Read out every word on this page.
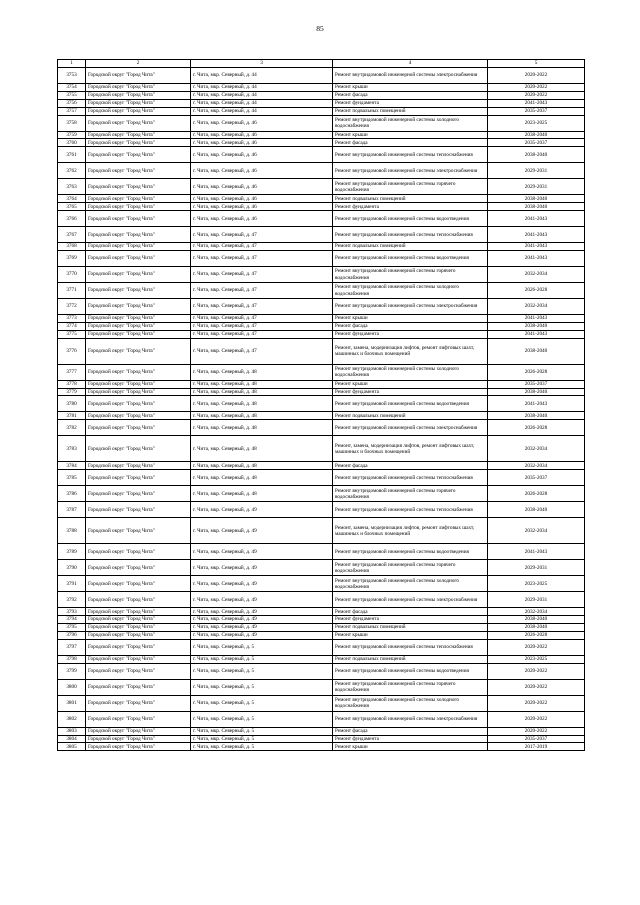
85
1	2	3	4	5
3753	Городской округ "Город Чита"	г. Чита, мкр. Северный, д. 44	Ремонт внутридомовой инженерной системы электроснабжения	2020-2022
3754	Городской округ "Город Чита"	г. Чита, мкр. Северный, д. 44	Ремонт крыши	2020-2022
3755	Городской округ "Город Чита"	г. Чита, мкр. Северный, д. 44	Ремонт фасада	2020-2022
3756	Городской округ "Город Чита"	г. Чита, мкр. Северный, д. 44	Ремонт фундамента	2041-2043
3757	Городской округ "Город Чита"	г. Чита, мкр. Северный, д. 44	Ремонт подвальных помещений	2035-2037
3758	Городской округ "Город Чита"	г. Чита, мкр. Северный, д. 46	Ремонт внутридомовой инженерной системы холодного водоснабжения	2023-2025
3759	Городской округ "Город Чита"	г. Чита, мкр. Северный, д. 46	Ремонт крыши	2038-2040
3760	Городской округ "Город Чита"	г. Чита, мкр. Северный, д. 46	Ремонт фасада	2035-2037
3761	Городской округ "Город Чита"	г. Чита, мкр. Северный, д. 46	Ремонт внутридомовой инженерной системы теплоснабжения	2038-2040
3762	Городской округ "Город Чита"	г. Чита, мкр. Северный, д. 46	Ремонт внутридомовой инженерной системы электроснабжения	2029-2031
3763	Городской округ "Город Чита"	г. Чита, мкр. Северный, д. 46	Ремонт внутридомовой инженерной системы горячего водоснабжения	2029-2031
3764	Городской округ "Город Чита"	г. Чита, мкр. Северный, д. 46	Ремонт подвальных помещений	2038-2040
3765	Городской округ "Город Чита"	г. Чита, мкр. Северный, д. 46	Ремонт фундамента	2038-2040
3766	Городской округ "Город Чита"	г. Чита, мкр. Северный, д. 46	Ремонт внутридомовой инженерной системы водоотведения	2041-2043
3767	Городской округ "Город Чита"	г. Чита, мкр. Северный, д. 47	Ремонт внутридомовой инженерной системы теплоснабжения	2041-2043
3768	Городской округ "Город Чита"	г. Чита, мкр. Северный, д. 47	Ремонт подвальных помещений	2041-2043
3769	Городской округ "Город Чита"	г. Чита, мкр. Северный, д. 47	Ремонт внутридомовой инженерной системы водоотведения	2041-2043
3770	Городской округ "Город Чита"	г. Чита, мкр. Северный, д. 47	Ремонт внутридомовой инженерной системы горячего водоснабжения	2032-2034
3771	Городской округ "Город Чита"	г. Чита, мкр. Северный, д. 47	Ремонт внутридомовой инженерной системы холодного водоснабжения	2026-2028
3772	Городской округ "Город Чита"	г. Чита, мкр. Северный, д. 47	Ремонт внутридомовой инженерной системы электроснабжения	2032-2034
3773	Городской округ "Город Чита"	г. Чита, мкр. Северный, д. 47	Ремонт крыши	2041-2043
3774	Городской округ "Город Чита"	г. Чита, мкр. Северный, д. 47	Ремонт фасада	2038-2040
3775	Городской округ "Город Чита"	г. Чита, мкр. Северный, д. 47	Ремонт фундамента	2041-2043
3776	Городской округ "Город Чита"	г. Чита, мкр. Северный, д. 47	Ремонт, замена, модернизация лифтов, ремонт лифтовых шахт, машинных и блочных помещений	2038-2040
3777	Городской округ "Город Чита"	г. Чита, мкр. Северный, д. 48	Ремонт внутридомовой инженерной системы холодного водоснабжения	2026-2028
3778	Городской округ "Город Чита"	г. Чита, мкр. Северный, д. 48	Ремонт крыши	2035-2037
3779	Городской округ "Город Чита"	г. Чита, мкр. Северный, д. 48	Ремонт фундамента	2038-2040
3780	Городской округ "Город Чита"	г. Чита, мкр. Северный, д. 48	Ремонт внутридомовой инженерной системы водоотведения	2041-2043
3781	Городской округ "Город Чита"	г. Чита, мкр. Северный, д. 48	Ремонт подвальных помещений	2038-2040
3782	Городской округ "Город Чита"	г. Чита, мкр. Северный, д. 48	Ремонт внутридомовой инженерной системы электроснабжения	2026-2028
3783	Городской округ "Город Чита"	г. Чита, мкр. Северный, д. 48	Ремонт, замена, модернизация лифтов, ремонт лифтовых шахт, машинных и блочных помещений	2032-2034
3784	Городской округ "Город Чита"	г. Чита, мкр. Северный, д. 48	Ремонт фасада	2032-2034
3785	Городской округ "Город Чита"	г. Чита, мкр. Северный, д. 48	Ремонт внутридомовой инженерной системы теплоснабжения	2035-2037
3786	Городской округ "Город Чита"	г. Чита, мкр. Северный, д. 48	Ремонт внутридомовой инженерной системы горячего водоснабжения	2026-2028
3787	Городской округ "Город Чита"	г. Чита, мкр. Северный, д. 49	Ремонт внутридомовой инженерной системы теплоснабжения	2038-2040
3788	Городской округ "Город Чита"	г. Чита, мкр. Северный, д. 49	Ремонт, замена, модернизация лифтов, ремонт лифтовых шахт, машинных и блочных помещений	2032-2034
3789	Городской округ "Город Чита"	г. Чита, мкр. Северный, д. 49	Ремонт внутридомовой инженерной системы водоотведения	2041-2043
3790	Городской округ "Город Чита"	г. Чита, мкр. Северный, д. 49	Ремонт внутридомовой инженерной системы горячего водоснабжения	2029-2031
3791	Городской округ "Город Чита"	г. Чита, мкр. Северный, д. 49	Ремонт внутридомовой инженерной системы холодного водоснабжения	2023-2025
3792	Городской округ "Город Чита"	г. Чита, мкр. Северный, д. 49	Ремонт внутридомовой инженерной системы электроснабжения	2029-2031
3793	Городской округ "Город Чита"	г. Чита, мкр. Северный, д. 49	Ремонт фасада	2032-2034
3794	Городской округ "Город Чита"	г. Чита, мкр. Северный, д. 49	Ремонт фундамента	2038-2040
3795	Городской округ "Город Чита"	г. Чита, мкр. Северный, д. 49	Ремонт подвальных помещений	2038-2040
3796	Городской округ "Город Чита"	г. Чита, мкр. Северный, д. 49	Ремонт крыши	2026-2028
3797	Городской округ "Город Чита"	г. Чита, мкр. Северный, д. 5	Ремонт внутридомовой инженерной системы теплоснабжения	2020-2022
3798	Городской округ "Город Чита"	г. Чита, мкр. Северный, д. 5	Ремонт подвальных помещений	2023-2025
3799	Городской округ "Город Чита"	г. Чита, мкр. Северный, д. 5	Ремонт внутридомовой инженерной системы водоотведения	2020-2022
3800	Городской округ "Город Чита"	г. Чита, мкр. Северный, д. 5	Ремонт внутридомовой инженерной системы горячего водоснабжения	2020-2022
3801	Городской округ "Город Чита"	г. Чита, мкр. Северный, д. 5	Ремонт внутридомовой инженерной системы холодного водоснабжения	2020-2022
3802	Городской округ "Город Чита"	г. Чита, мкр. Северный, д. 5	Ремонт внутридомовой инженерной системы электроснабжения	2020-2022
3803	Городской округ "Город Чита"	г. Чита, мкр. Северный, д. 5	Ремонт фасада	2020-2022
3804	Городской округ "Город Чита"	г. Чита, мкр. Северный, д. 5	Ремонт фундамента	2035-2037
3805	Городской округ "Город Чита"	г. Чита, мкр. Северный, д. 5	Ремонт крыши	2017-2019
